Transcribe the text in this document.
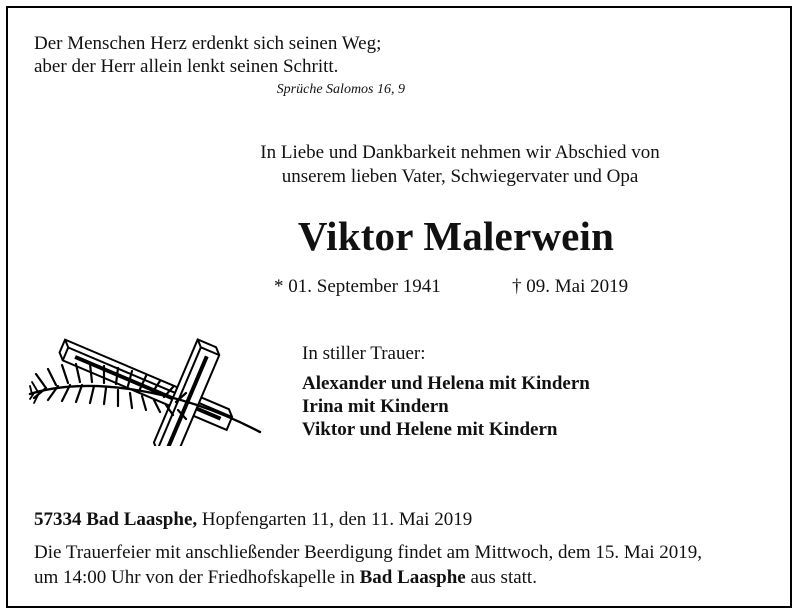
Der Menschen Herz erdenkt sich seinen Weg;
aber der Herr allein lenkt seinen Schritt.
Sprüche Salomos 16, 9
In Liebe und Dankbarkeit nehmen wir Abschied von
unserem lieben Vater, Schwiegervater und Opa
Viktor Malerwein
* 01. September 1941	† 09. Mai 2019
In stiller Trauer:
Alexander und Helena mit Kindern
Irina mit Kindern
Viktor und Helene mit Kindern
57334 Bad Laasphe, Hopfengarten 11, den 11. Mai 2019
Die Trauerfeier mit anschließender Beerdigung findet am Mittwoch, dem 15. Mai 2019,
um 14:00 Uhr von der Friedhofskapelle in Bad Laasphe aus statt.
